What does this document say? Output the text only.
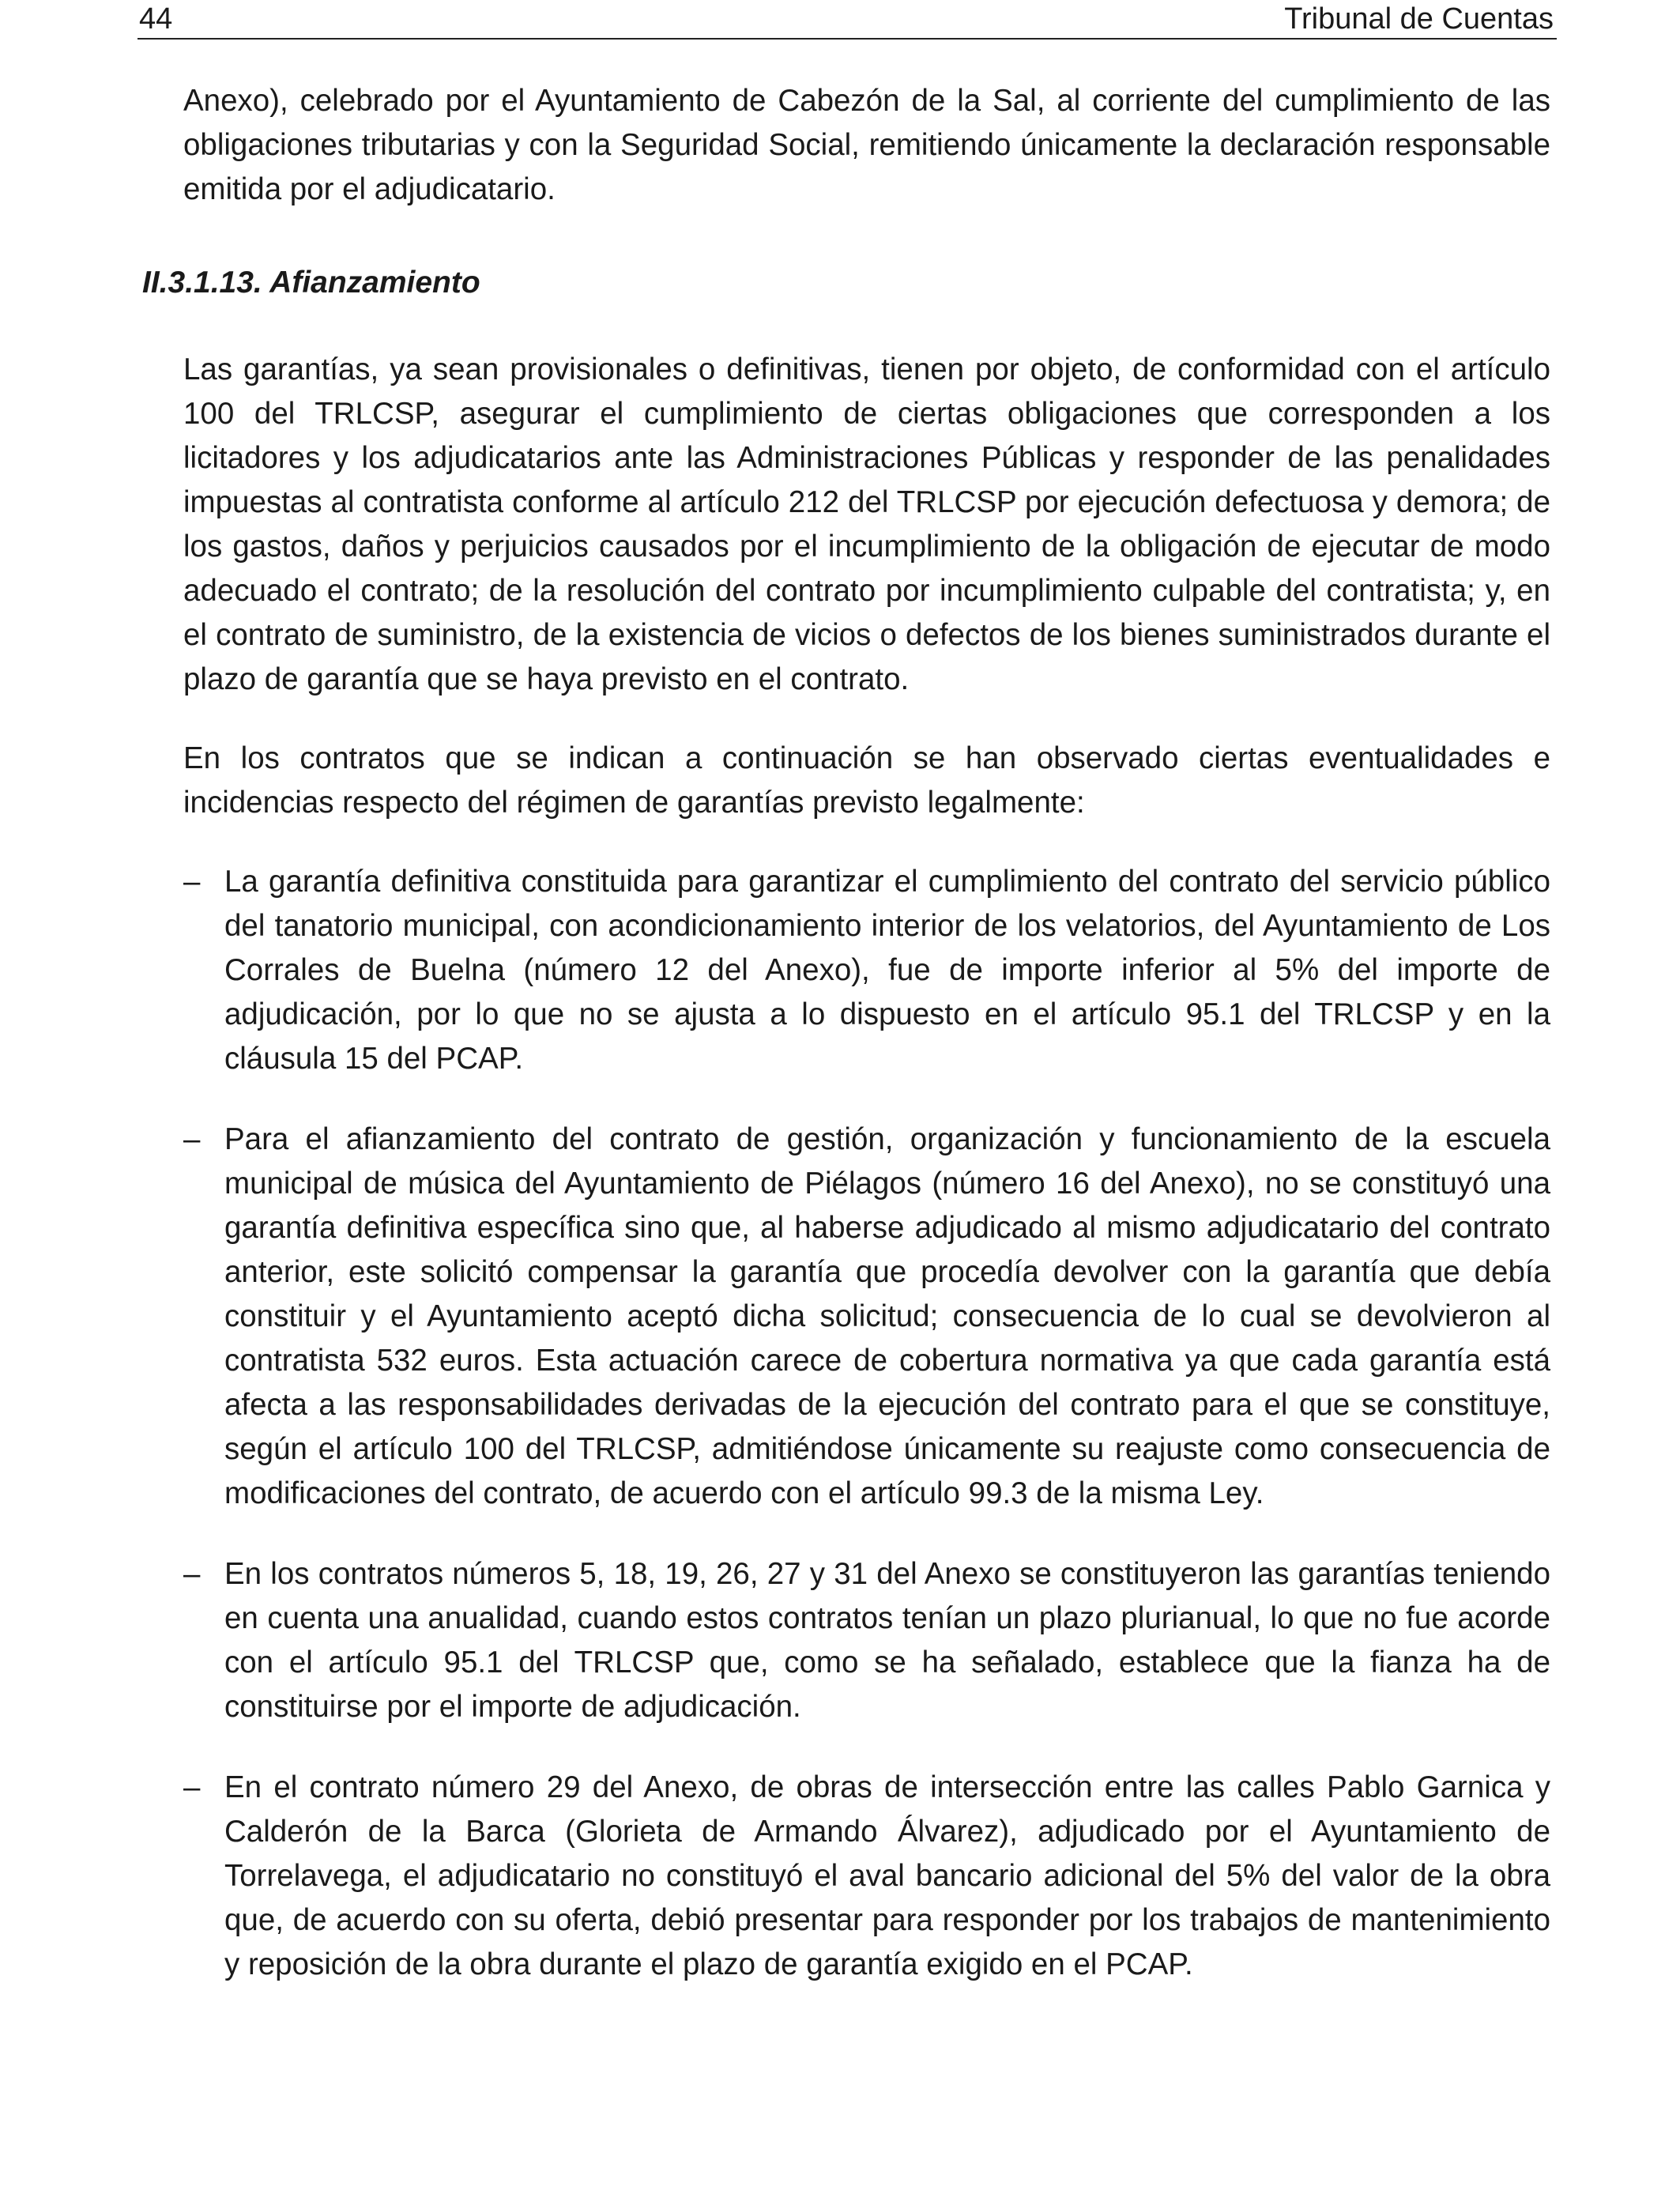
44	Tribunal de Cuentas

Anexo), celebrado por el Ayuntamiento de Cabezón de la Sal, al corriente del cumplimiento de las obligaciones tributarias y con la Seguridad Social, remitiendo únicamente la declaración responsable emitida por el adjudicatario.

II.3.1.13. Afianzamiento

Las garantías, ya sean provisionales o definitivas, tienen por objeto, de conformidad con el artículo 100 del TRLCSP, asegurar el cumplimiento de ciertas obligaciones que corresponden a los licitadores y los adjudicatarios ante las Administraciones Públicas y responder de las penalidades impuestas al contratista conforme al artículo 212 del TRLCSP por ejecución defectuosa y demora; de los gastos, daños y perjuicios causados por el incumplimiento de la obligación de ejecutar de modo adecuado el contrato; de la resolución del contrato por incumplimiento culpable del contratista; y, en el contrato de suministro, de la existencia de vicios o defectos de los bienes suministrados durante el plazo de garantía que se haya previsto en el contrato.

En los contratos que se indican a continuación se han observado ciertas eventualidades e incidencias respecto del régimen de garantías previsto legalmente:

– La garantía definitiva constituida para garantizar el cumplimiento del contrato del servicio público del tanatorio municipal, con acondicionamiento interior de los velatorios, del Ayuntamiento de Los Corrales de Buelna (número 12 del Anexo), fue de importe inferior al 5% del importe de adjudicación, por lo que no se ajusta a lo dispuesto en el artículo 95.1 del TRLCSP y en la cláusula 15 del PCAP.

– Para el afianzamiento del contrato de gestión, organización y funcionamiento de la escuela municipal de música del Ayuntamiento de Piélagos (número 16 del Anexo), no se constituyó una garantía definitiva específica sino que, al haberse adjudicado al mismo adjudicatario del contrato anterior, este solicitó compensar la garantía que procedía devolver con la garantía que debía constituir y el Ayuntamiento aceptó dicha solicitud; consecuencia de lo cual se devolvieron al contratista 532 euros. Esta actuación carece de cobertura normativa ya que cada garantía está afecta a las responsabilidades derivadas de la ejecución del contrato para el que se constituye, según el artículo 100 del TRLCSP, admitiéndose únicamente su reajuste como consecuencia de modificaciones del contrato, de acuerdo con el artículo 99.3 de la misma Ley.

– En los contratos números 5, 18, 19, 26, 27 y 31 del Anexo se constituyeron las garantías teniendo en cuenta una anualidad, cuando estos contratos tenían un plazo plurianual, lo que no fue acorde con el artículo 95.1 del TRLCSP que, como se ha señalado, establece que la fianza ha de constituirse por el importe de adjudicación.

– En el contrato número 29 del Anexo, de obras de intersección entre las calles Pablo Garnica y Calderón de la Barca (Glorieta de Armando Álvarez), adjudicado por el Ayuntamiento de Torrelavega, el adjudicatario no constituyó el aval bancario adicional del 5% del valor de la obra que, de acuerdo con su oferta, debió presentar para responder por los trabajos de mantenimiento y reposición de la obra durante el plazo de garantía exigido en el PCAP.
